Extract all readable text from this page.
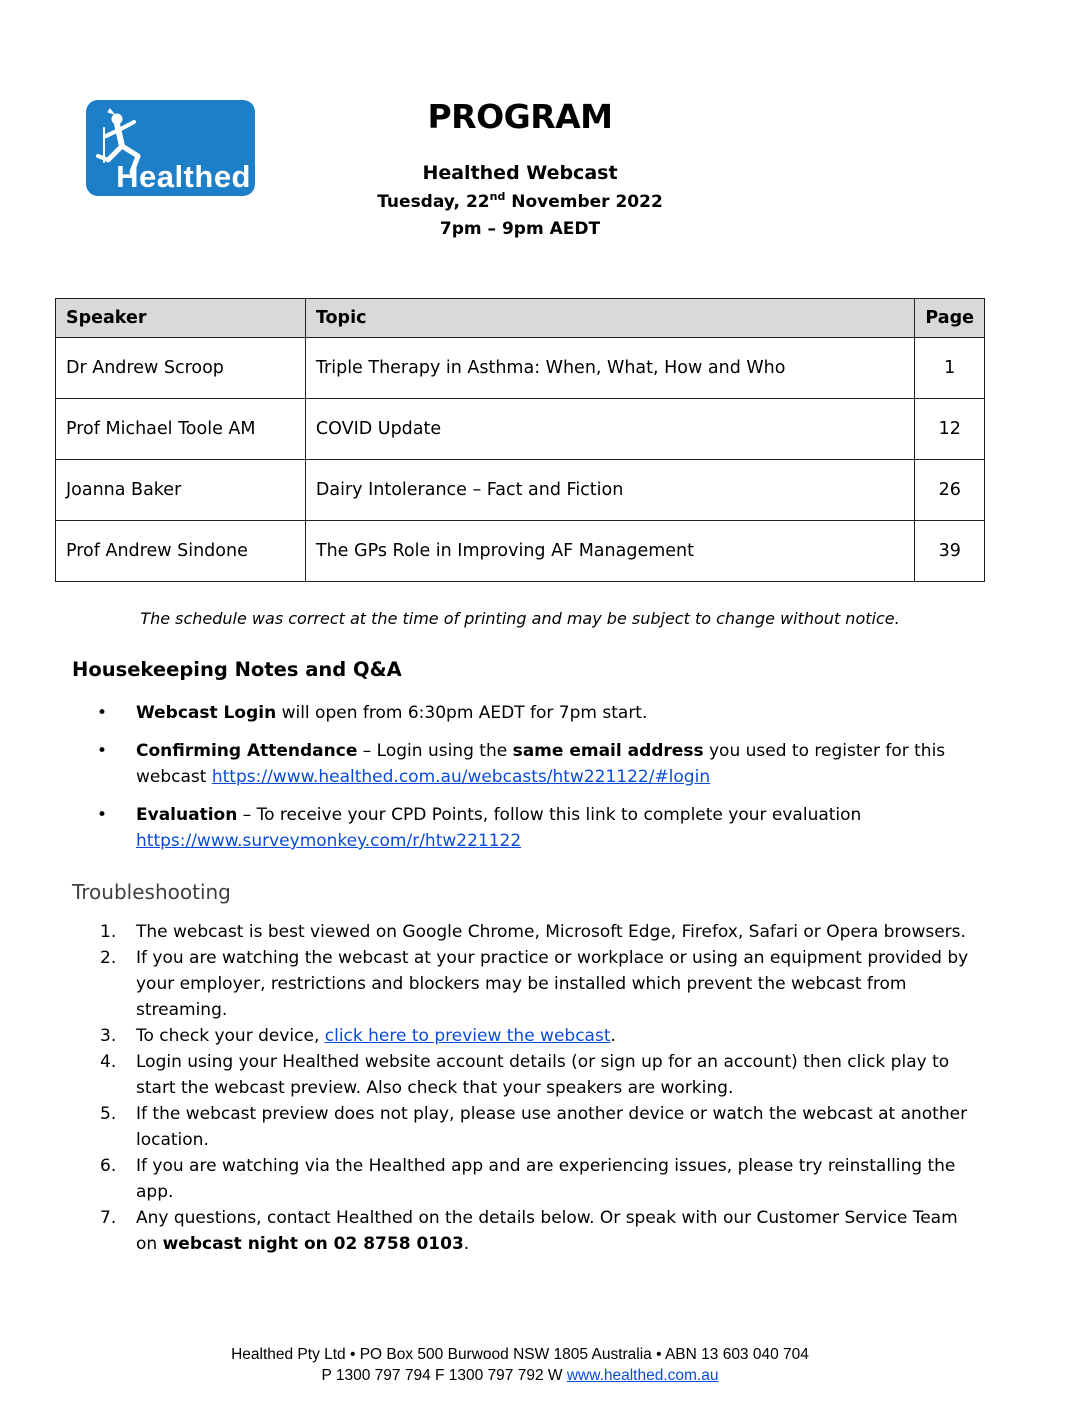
Healthed
PROGRAM
Healthed Webcast
Tuesday, 22nd November 2022
7pm – 9pm AEDT
Speaker	Topic	Page
Dr Andrew Scroop	Triple Therapy in Asthma: When, What, How and Who	1
Prof Michael Toole AM	COVID Update	12
Joanna Baker	Dairy Intolerance – Fact and Fiction	26
Prof Andrew Sindone	The GPs Role in Improving AF Management	39
The schedule was correct at the time of printing and may be subject to change without notice.
Housekeeping Notes and Q&A
• Webcast Login will open from 6:30pm AEDT for 7pm start.
• Confirming Attendance – Login using the same email address you used to register for this webcast https://www.healthed.com.au/webcasts/htw221122/#login
• Evaluation – To receive your CPD Points, follow this link to complete your evaluation https://www.surveymonkey.com/r/htw221122
Troubleshooting
1. The webcast is best viewed on Google Chrome, Microsoft Edge, Firefox, Safari or Opera browsers.
2. If you are watching the webcast at your practice or workplace or using an equipment provided by your employer, restrictions and blockers may be installed which prevent the webcast from streaming.
3. To check your device, click here to preview the webcast.
4. Login using your Healthed website account details (or sign up for an account) then click play to start the webcast preview. Also check that your speakers are working.
5. If the webcast preview does not play, please use another device or watch the webcast at another location.
6. If you are watching via the Healthed app and are experiencing issues, please try reinstalling the app.
7. Any questions, contact Healthed on the details below. Or speak with our Customer Service Team on webcast night on 02 8758 0103.
Healthed Pty Ltd • PO Box 500 Burwood NSW 1805 Australia • ABN 13 603 040 704
P 1300 797 794 F 1300 797 792 W www.healthed.com.au
